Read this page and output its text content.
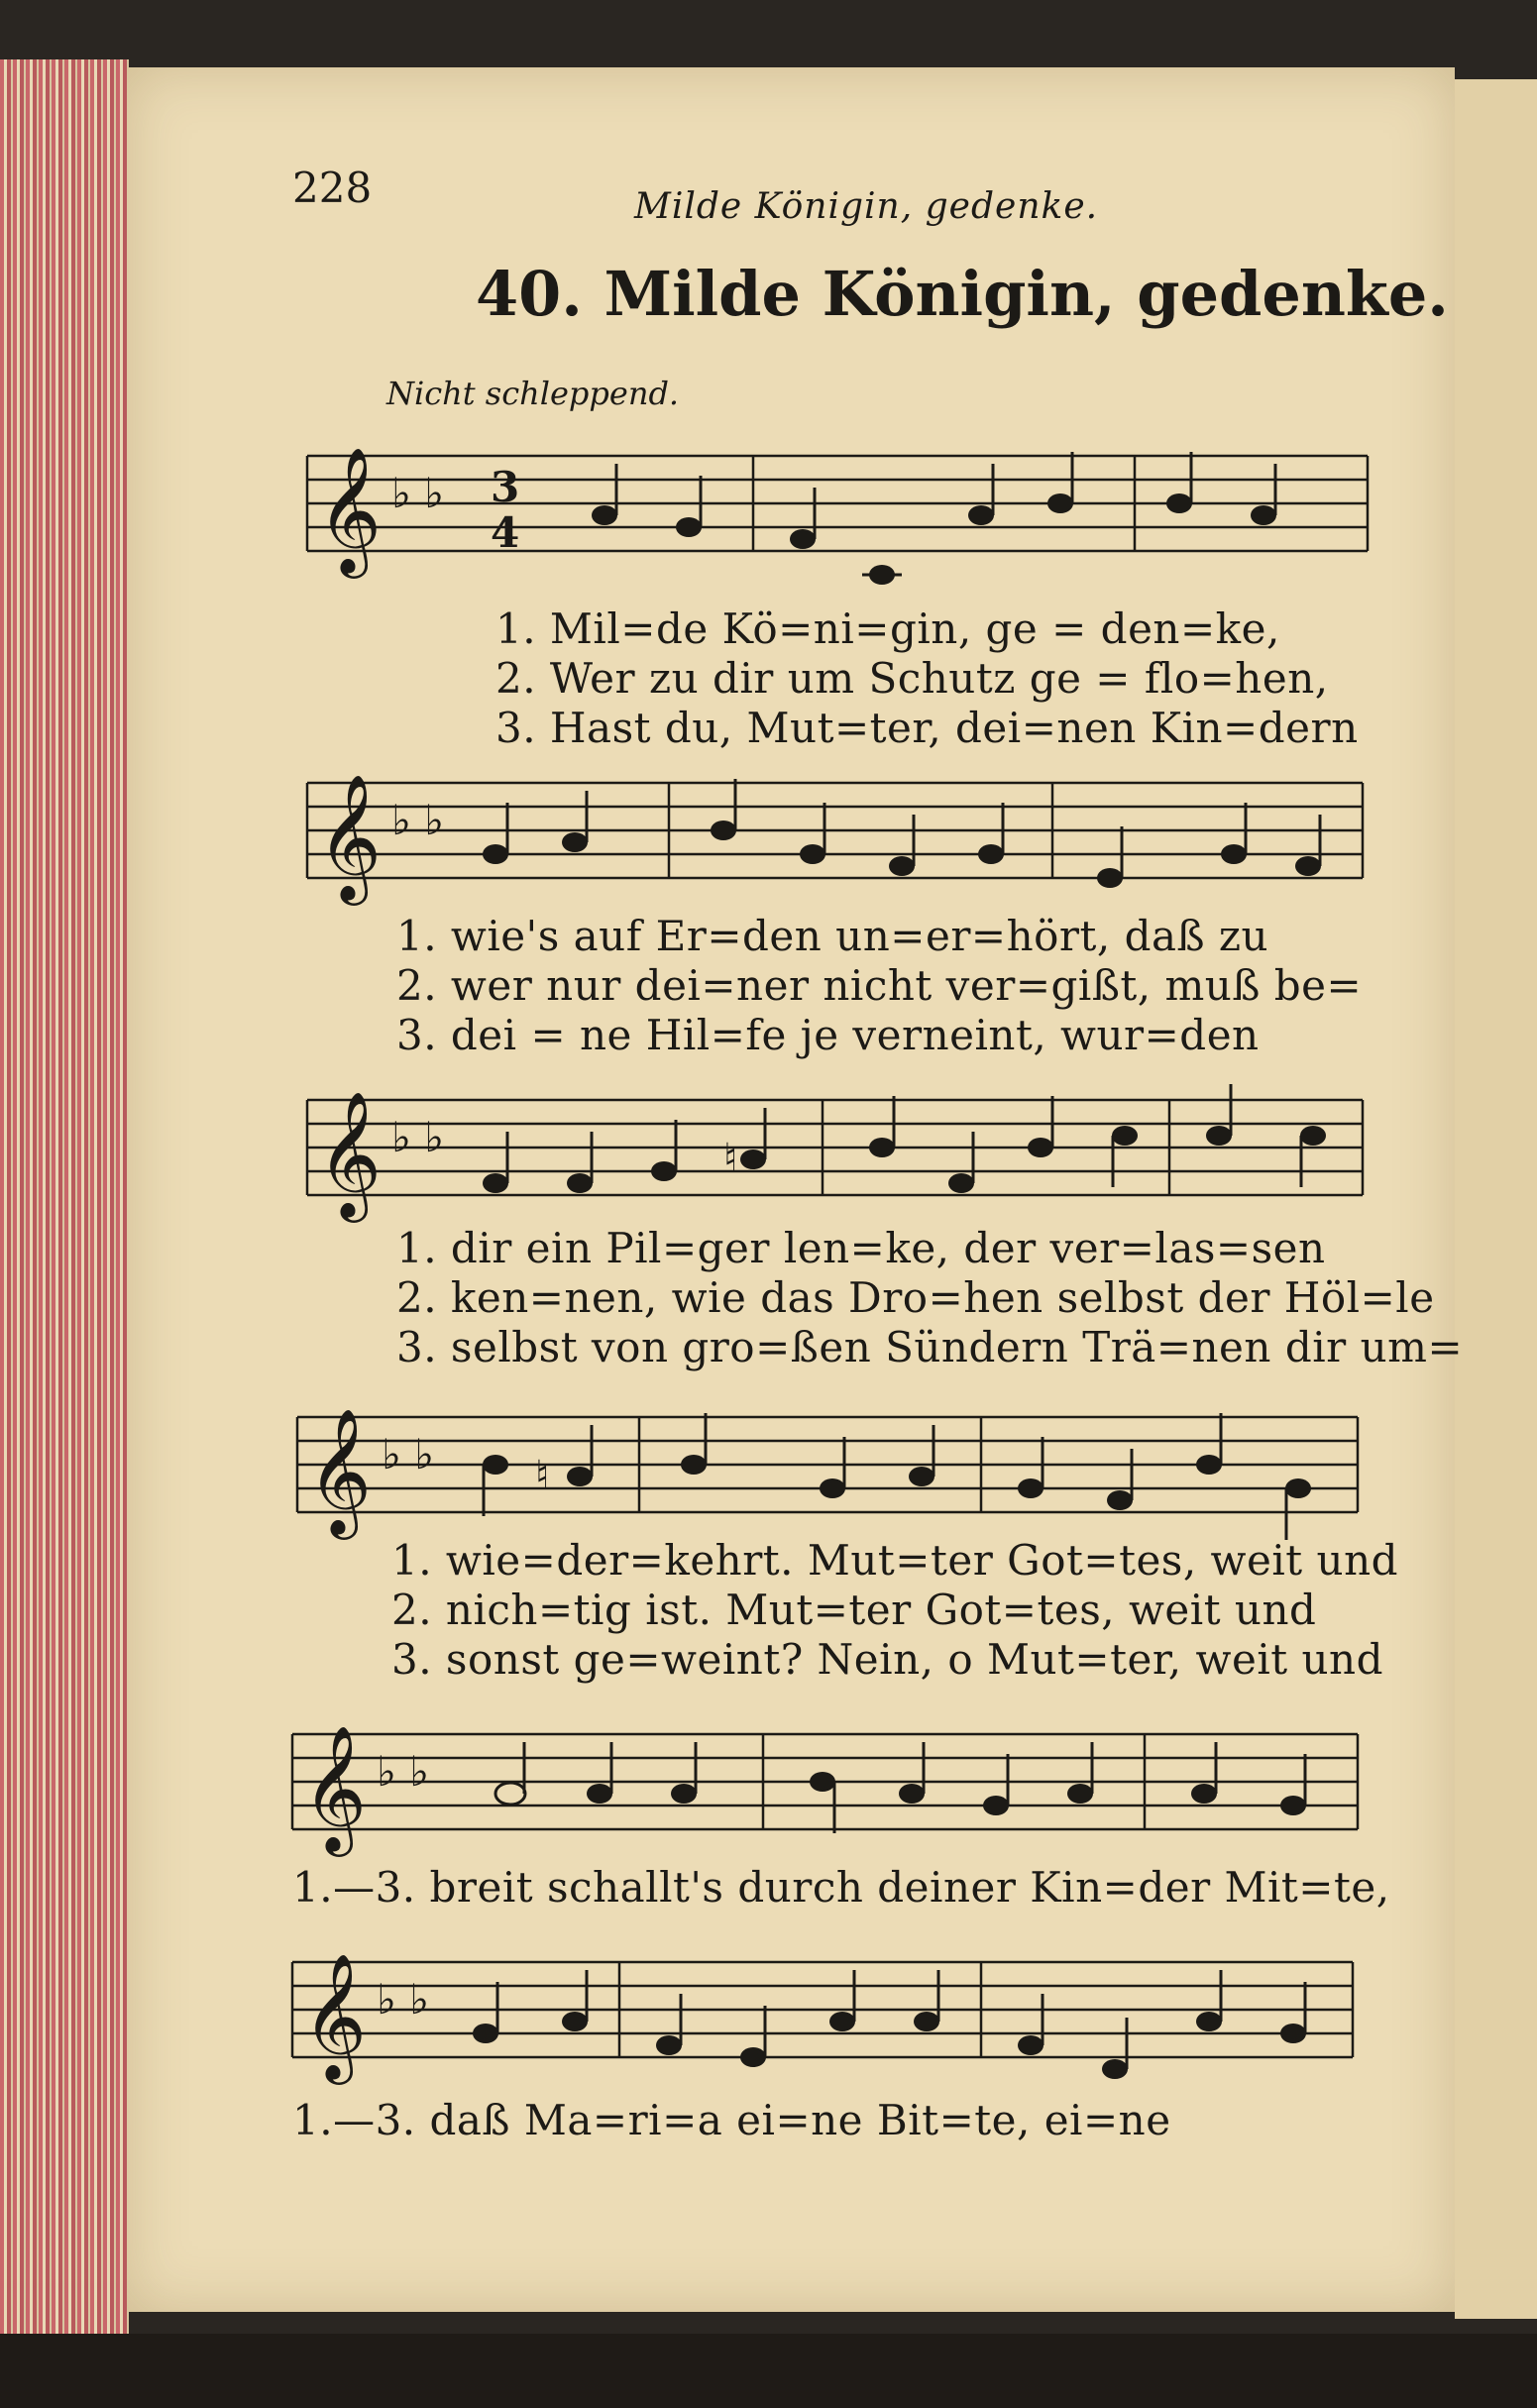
228	Milde Königin, gedenke.
40. Milde Königin, gedenke.
Nicht schleppend.
𝄞 ♭ ♭ 3
4
1. Mil=de Kö=ni=gin, ge = den=ke,
2. Wer zu dir um Schutz ge = flo=hen,
3. Hast du, Mut=ter, dei=nen Kin=dern
𝄞 ♭ ♭
1. wie's auf Er=den un=er=hört, daß zu
2. wer nur dei=ner nicht ver=gißt, muß be=
3. dei = ne Hil=fe je verneint, wur=den
𝄞 ♭ ♭	♮
1. dir ein Pil=ger len=ke, der ver=las=sen
2. ken=nen, wie das Dro=hen selbst der Höl=le
3. selbst von gro=ßen Sündern Trä=nen dir um=
𝄞 ♭ ♭	♮
1. wie=der=kehrt. Mut=ter Got=tes, weit und
2. nich=tig ist. Mut=ter Got=tes, weit und
3. sonst ge=weint? Nein, o Mut=ter, weit und
𝄞 ♭ ♭
1.—3. breit schallt's durch deiner Kin=der Mit=te,
𝄞 ♭ ♭
1.—3. daß Ma=ri=a ei=ne Bit=te, ei=ne
